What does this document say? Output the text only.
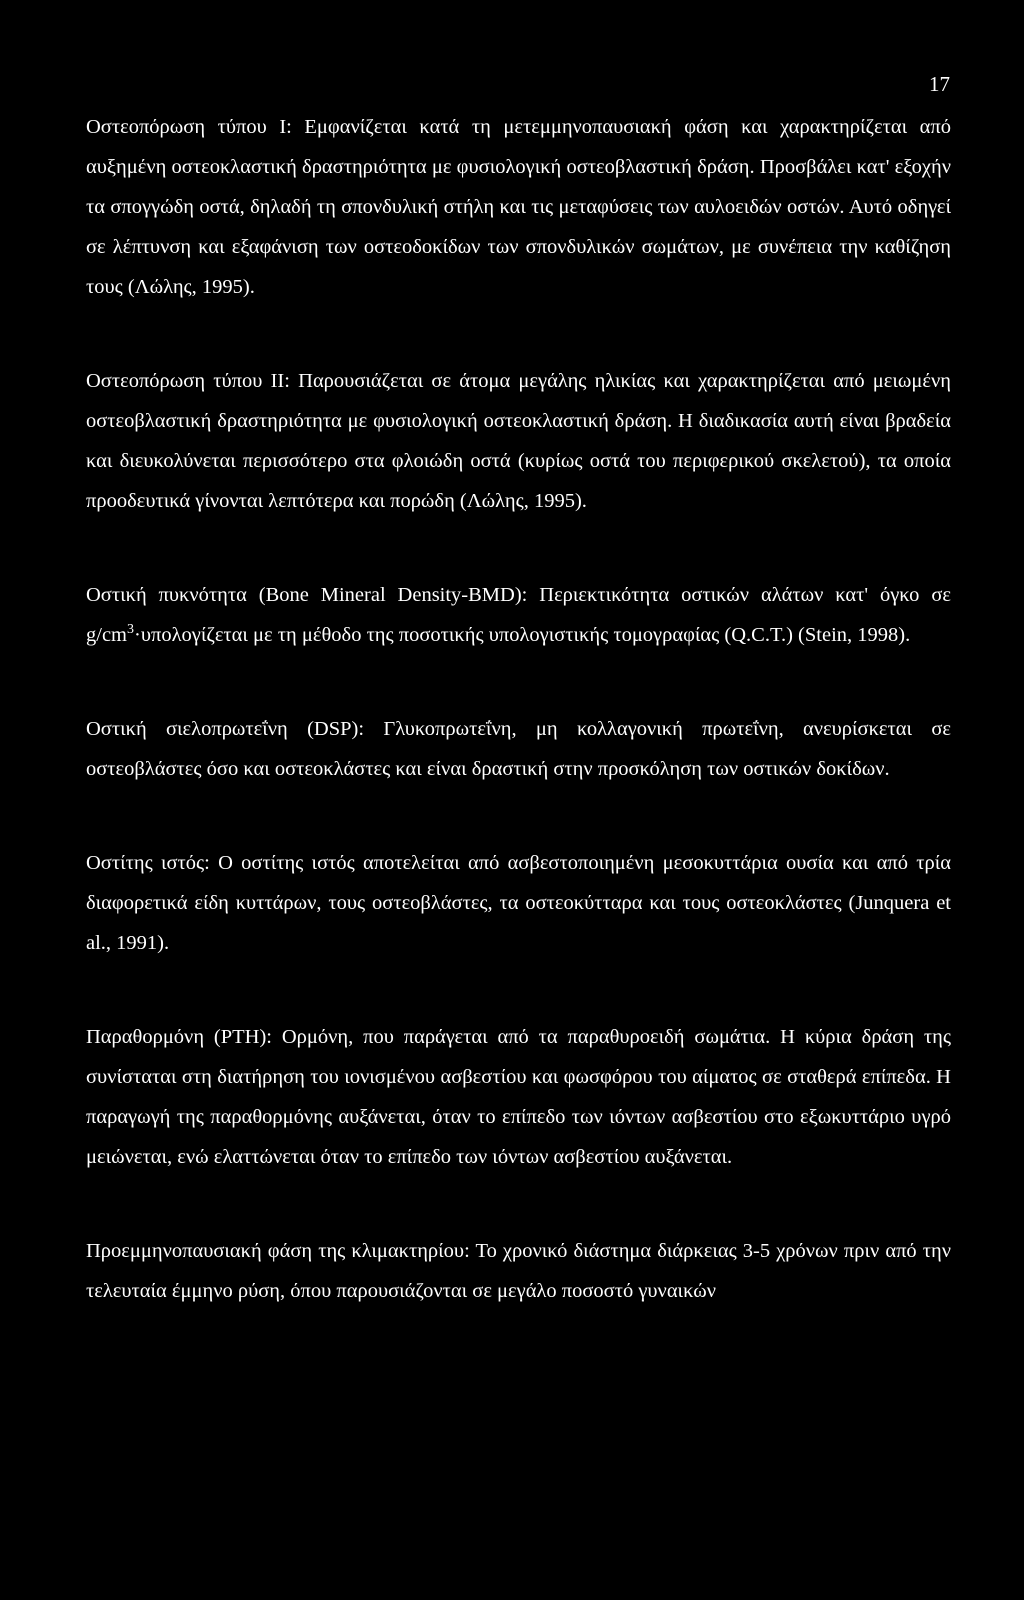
17

Οστεοπόρωση τύπου Ι: Εμφανίζεται κατά τη μετεμμηνοπαυσιακή φάση και χαρακτηρίζεται από αυξημένη οστεοκλαστική δραστηριότητα με φυσιολογική οστεοβλαστική δράση. Προσβάλει κατ' εξοχήν τα σπογγώδη οστά, δηλαδή τη σπονδυλική στήλη και τις μεταφύσεις των αυλοειδών οστών. Αυτό οδηγεί σε λέπτυνση και εξαφάνιση των οστεοδοκίδων των σπονδυλικών σωμάτων, με συνέπεια την καθίζηση τους (Λώλης, 1995).

Οστεοπόρωση τύπου ΙΙ: Παρουσιάζεται σε άτομα μεγάλης ηλικίας και χαρακτηρίζεται από μειωμένη οστεοβλαστική δραστηριότητα με φυσιολογική οστεοκλαστική δράση. Η διαδικασία αυτή είναι βραδεία και διευκολύνεται περισσότερο στα φλοιώδη οστά (κυρίως οστά του περιφερικού σκελετού), τα οποία προοδευτικά γίνονται λεπτότερα και πορώδη (Λώλης, 1995).

Οστική πυκνότητα (Bone Mineral Density-BMD): Περιεκτικότητα οστικών αλάτων κατ' όγκο σε $g/cm^3\cdot\upsilon\pi o\lambda o\gamma ί\zeta\varepsilon\tau\alpha\iota$ με τη μέθοδο της ποσοτικής υπολογιστικής τομογραφίας (Q.C.T.) (Stein, 1998).

Οστική σιελοπρωτεΐνη (DSP): Γλυκοπρωτεΐνη, μη κολλαγονική πρωτεΐνη, ανευρίσκεται σε οστεοβλάστες όσο και οστεοκλάστες και είναι δραστική στην προσκόληση των οστικών δοκίδων.

Οστίτης ιστός: Ο οστίτης ιστός αποτελείται από ασβεστοποιημένη μεσοκυττάρια ουσία και από τρία διαφορετικά είδη κυττάρων, τους οστεοβλάστες, τα οστεοκύτταρα και τους οστεοκλάστες (Junquera et al., 1991).

Παραθορμόνη (PTH): Ορμόνη, που παράγεται από τα παραθυροειδή σωμάτια. Η κύρια δράση της συνίσταται στη διατήρηση του ιονισμένου ασβεστίου και φωσφόρου του αίματος σε σταθερά επίπεδα. Η παραγωγή της παραθορμόνης αυξάνεται, όταν το επίπεδο των ιόντων ασβεστίου στο εξωκυττάριο υγρό μειώνεται, ενώ ελαττώνεται όταν το επίπεδο των ιόντων ασβεστίου αυξάνεται.

Προεμμηνοπαυσιακή φάση της κλιμακτηρίου: Το χρονικό διάστημα διάρκειας 3-5 χρόνων πριν από την τελευταία έμμηνο ρύση, όπου παρουσιάζονται σε μεγάλο ποσοστό γυναικών
